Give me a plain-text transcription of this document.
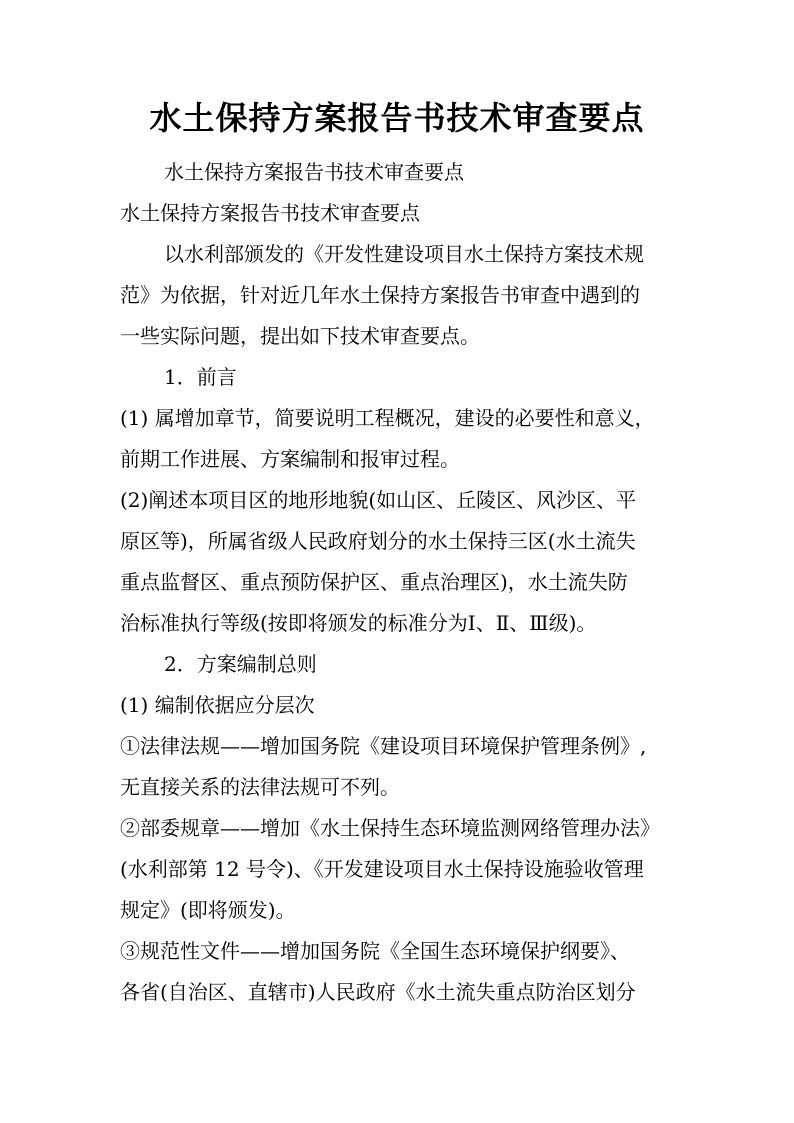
水土保持方案报告书技术审查要点
水土保持方案报告书技术审查要点
水土保持方案报告书技术审查要点
以水利部颁发的《开发性建设项目水土保持方案技术规
范》为依据，针对近几年水土保持方案报告书审查中遇到的
一些实际问题，提出如下技术审查要点。
1．前言
(1) 属增加章节，简要说明工程概况，建设的必要性和意义，
前期工作进展、方案编制和报审过程。
(2)阐述本项目区的地形地貌(如山区、丘陵区、风沙区、平
原区等)，所属省级人民政府划分的水土保持三区(水土流失
重点监督区、重点预防保护区、重点治理区)，水土流失防
治标准执行等级(按即将颁发的标准分为Ⅰ、Ⅱ、Ⅲ级)。
2．方案编制总则
(1) 编制依据应分层次
①法律法规——增加国务院《建设项目环境保护管理条例》,
无直接关系的法律法规可不列。
②部委规章——增加《水土保持生态环境监测网络管理办法》
(水利部第 12 号令)、《开发建设项目水土保持设施验收管理
规定》(即将颁发)。
③规范性文件——增加国务院《全国生态环境保护纲要》、
各省(自治区、直辖市)人民政府《水土流失重点防治区划分
